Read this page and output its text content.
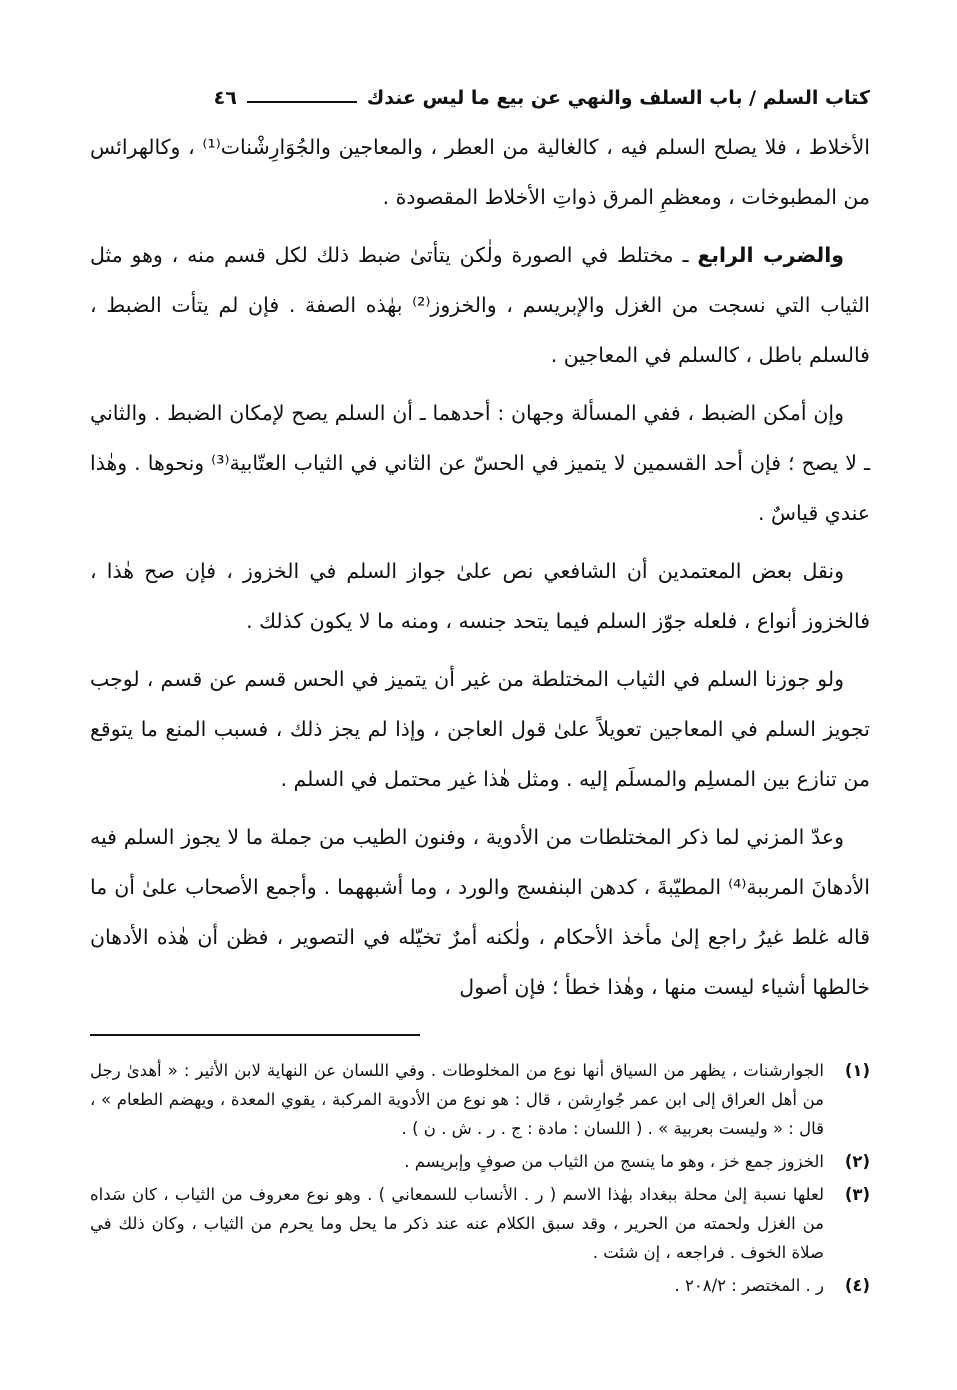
كتاب السلم / باب السلف والنهي عن بيع ما ليس عندك
٤٦

الأخلاط ، فلا يصلح السلم فيه ، كالغالية من العطر ، والمعاجين والجُوَارِشْنات⁽¹⁾ ، وكالهرائس من المطبوخات ، ومعظمِ المرق ذواتِ الأخلاط المقصودة .

والضرب الرابع ـ مختلط في الصورة ولٰكن يتأتىٰ ضبط ذلك لكل قسم منه ، وهو مثل الثياب التي نسجت من الغزل والإبريسم ، والخزوز⁽²⁾ بهٰذه الصفة . فإن لم يتأت الضبط ، فالسلم باطل ، كالسلم في المعاجين .

وإن أمكن الضبط ، ففي المسألة وجهان : أحدهما ـ أن السلم يصح لإمكان الضبط . والثاني ـ لا يصح ؛ فإن أحد القسمين لا يتميز في الحسّ عن الثاني في الثياب العتّابية⁽³⁾ ونحوها . وهٰذا عندي قياسٌ .

ونقل بعض المعتمدين أن الشافعي نص علىٰ جواز السلم في الخزوز ، فإن صح هٰذا ، فالخزوز أنواع ، فلعله جوّز السلم فيما يتحد جنسه ، ومنه ما لا يكون كذلك .

ولو جوزنا السلم في الثياب المختلطة من غير أن يتميز في الحس قسم عن قسم ، لوجب تجويز السلم في المعاجين تعويلاً علىٰ قول العاجن ، وإذا لم يجز ذلك ، فسبب المنع ما يتوقع من تنازع بين المسلِم والمسلَم إليه . ومثل هٰذا غير محتمل في السلم .

وعدّ المزني لما ذكر المختلطات من الأدوية ، وفنون الطيب من جملة ما لا يجوز السلم فيه الأدهانَ المرببة⁽⁴⁾ المطيّبةَ ، كدهن البنفسج والورد ، وما أشبههما . وأجمع الأصحاب علىٰ أن ما قاله غلط غيرُ راجع إلىٰ مأخذ الأحكام ، ولٰكنه أمرٌ تخيّله في التصوير ، فظن أن هٰذه الأدهان خالطها أشياء ليست منها ، وهٰذا خطأ ؛ فإن أصول

(١)
الجوارشنات ، يظهر من السياق أنها نوع من المخلوطات . وفي اللسان عن النهاية لابن الأثير : « أهدىٰ رجل من أهل العراق إلى ابن عمر جُوارِشن ، قال : هو نوع من الأدوية المركبة ، يقوي المعدة ، ويهضم الطعام » ، قال : « وليست بعربية » . ( اللسان : مادة : ج . ر . ش . ن ) .
(٢)
الخزوز جمع خز ، وهو ما ينسج من الثياب من صوفٍ وإبريسم .
(٣)
لعلها نسبة إلىٰ محلة ببغداد بهٰذا الاسم ( ر . الأنساب للسمعاني ) . وهو نوع معروف من الثياب ، كان سَداه من الغزل ولحمته من الحرير ، وقد سبق الكلام عنه عند ذكر ما يحل وما يحرم من الثياب ، وكان ذلك في صلاة الخوف . فراجعه ، إن شئت .
(٤)
ر . المختصر : ٢٠٨/٢ .
